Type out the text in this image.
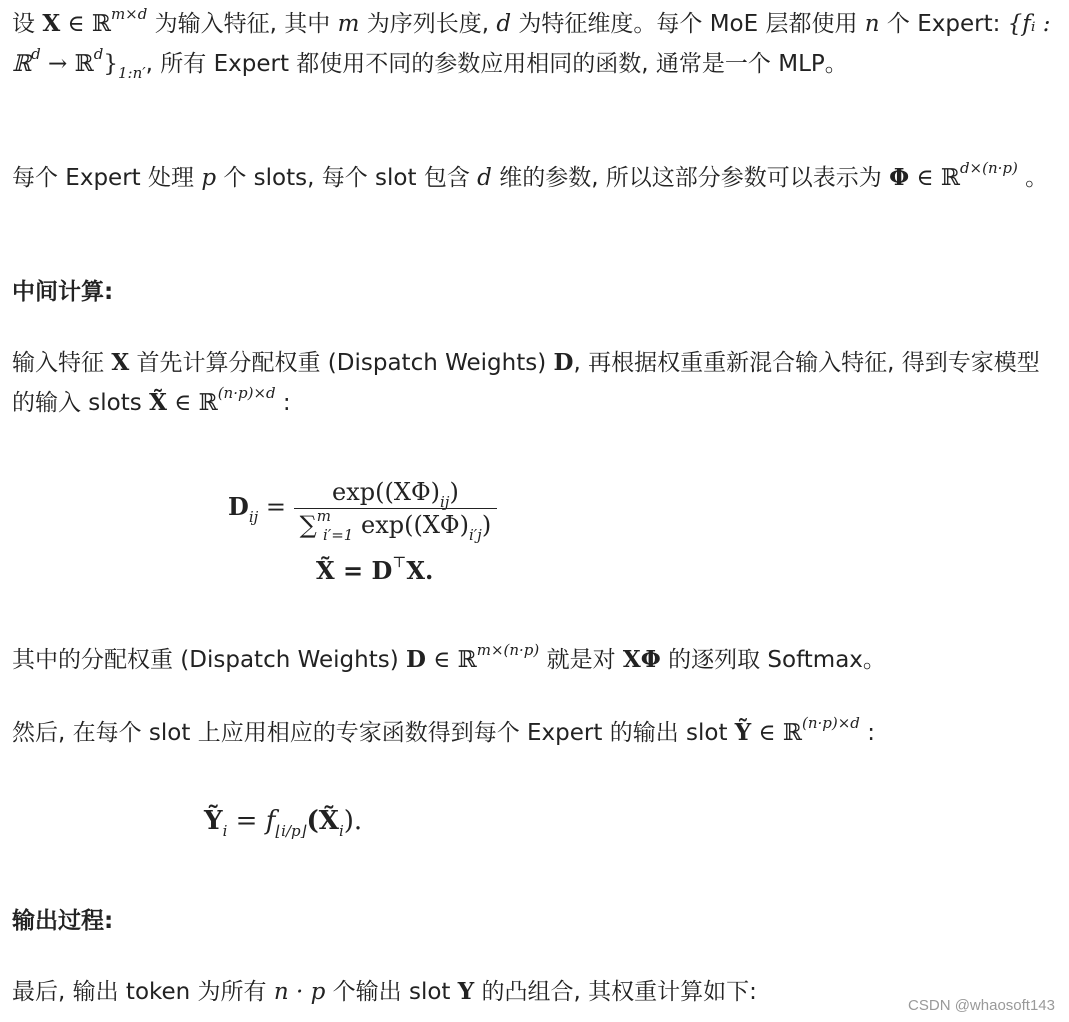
设 X ∈ ℝ$^{m\times d}$ 为输入特征, 其中 m 为序列长度, d 为特征维度。每个 MoE 层都使用 n 个 Expert: {fᵢ : ℝ$^d$ → $ℝ^d\}_{1:n'}$, 所有 Expert 都使用不同的参数应用相同的函数, 通常是一个 MLP。

每个 Expert 处理 p 个 slots, 每个 slot 包含 d 维的参数, 所以这部分参数可以表示为 Φ ∈ ℝ$^{d\times(n\cdot p)}$ 。

中间计算:

输入特征 X 首先计算分配权重 (Dispatch Weights) D, 再根据权重重新混合输入特征, 得到专家模型的输入 slots X̃ ∈ ℝ$^{(n\cdot p)\times d}$ :

$D_{ij} = \frac{\exp((X\Phi)_{ij})}{\sum^m_{i'=1} \exp((X\Phi)_{i'j})}$
X̃ = D⊤X.

其中的分配权重 (Dispatch Weights) D ∈ ℝ$^{m\times(n\cdot p)}$ 就是对 XΦ 的逐列取 Softmax。

然后, 在每个 slot 上应用相应的专家函数得到每个 Expert 的输出 slot Ỹ ∈ ℝ$^{(n\cdot p)\times d}$ :

Ỹ$_i$ = $f_{⌊i/p⌋}(X̃_i)$.

输出过程:

最后, 输出 token 为所有 n · p 个输出 slot Y 的凸组合, 其权重计算如下:

CSDN @whaosoft143
